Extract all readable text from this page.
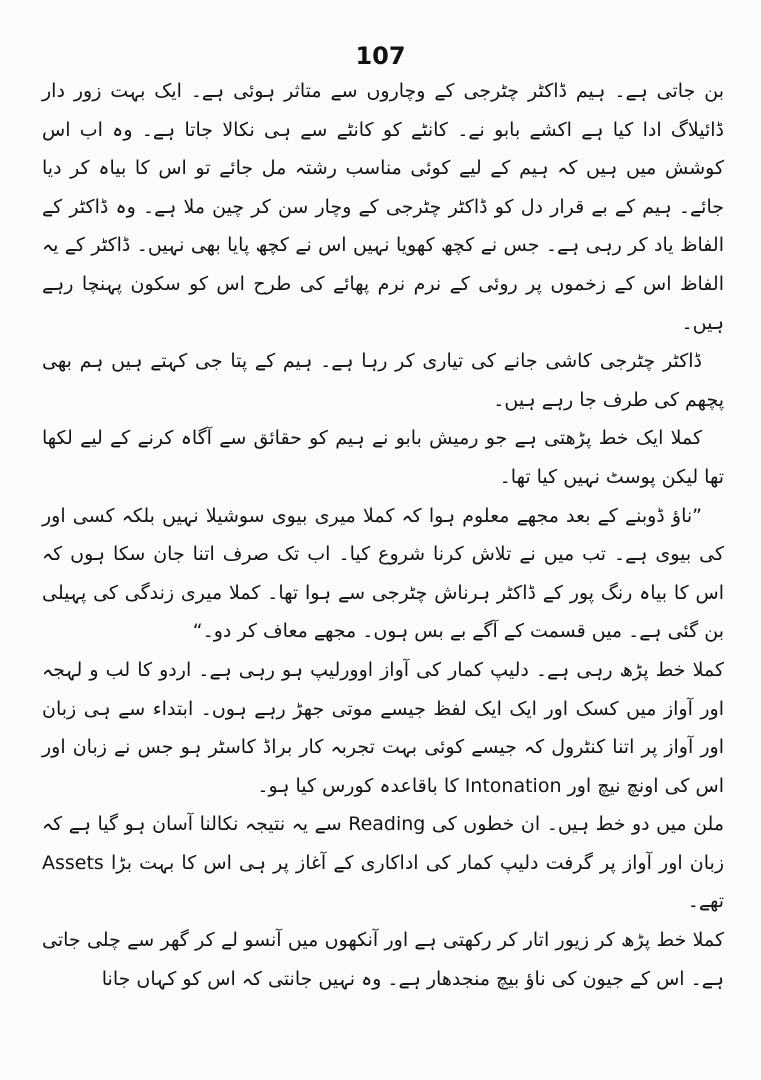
107

بن جاتی ہے۔ ہیم ڈاکٹر چٹرجی کے وچاروں سے متاثر ہوئی ہے۔ ایک بہت زور دار ڈائیلاگ ادا کیا ہے اکشے بابو نے۔ کانٹے کو کانٹے سے ہی نکالا جاتا ہے۔ وہ اب اس کوشش میں ہیں کہ ہیم کے لیے کوئی مناسب رشتہ مل جائے تو اس کا بیاہ کر دیا جائے۔ ہیم کے بے قرار دل کو ڈاکٹر چٹرجی کے وچار سن کر چین ملا ہے۔ وہ ڈاکٹر کے الفاظ یاد کر رہی ہے۔ جس نے کچھ کھویا نہیں اس نے کچھ پایا بھی نہیں۔ ڈاکٹر کے یہ الفاظ اس کے زخموں پر روئی کے نرم نرم پھائے کی طرح اس کو سکون پہنچا رہے ہیں۔

ڈاکٹر چٹرجی کاشی جانے کی تیاری کر رہا ہے۔ ہیم کے پتا جی کہتے ہیں ہم بھی پچھم کی طرف جا رہے ہیں۔

کملا ایک خط پڑھتی ہے جو رمیش بابو نے ہیم کو حقائق سے آگاہ کرنے کے لیے لکھا تھا لیکن پوسٹ نہیں کیا تھا۔

”ناؤ ڈوبنے کے بعد مجھے معلوم ہوا کہ کملا میری بیوی سوشیلا نہیں بلکہ کسی اور کی بیوی ہے۔ تب میں نے تلاش کرنا شروع کیا۔ اب تک صرف اتنا جان سکا ہوں کہ اس کا بیاہ رنگ پور کے ڈاکٹر ہرناش چٹرجی سے ہوا تھا۔ کملا میری زندگی کی پہیلی بن گئی ہے۔ میں قسمت کے آگے بے بس ہوں۔ مجھے معاف کر دو۔“

کملا خط پڑھ رہی ہے۔ دلیپ کمار کی آواز اوورلیپ ہو رہی ہے۔ اردو کا لب و لہجہ اور آواز میں کسک اور ایک ایک لفظ جیسے موتی جھڑ رہے ہوں۔ ابتداء سے ہی زبان اور آواز پر اتنا کنٹرول کہ جیسے کوئی بہت تجربہ کار براڈ کاسٹر ہو جس نے زبان اور اس کی اونچ نیچ اور Intonation کا باقاعدہ کورس کیا ہو۔

ملن میں دو خط ہیں۔ ان خطوں کی Reading سے یہ نتیجہ نکالنا آسان ہو گیا ہے کہ زبان اور آواز پر گرفت دلیپ کمار کی اداکاری کے آغاز پر ہی اس کا بہت بڑا Assets تھے۔

کملا خط پڑھ کر زیور اتار کر رکھتی ہے اور آنکھوں میں آنسو لے کر گھر سے چلی جاتی ہے۔ اس کے جیون کی ناؤ بیچ منجدھار ہے۔ وہ نہیں جانتی کہ اس کو کہاں جانا
